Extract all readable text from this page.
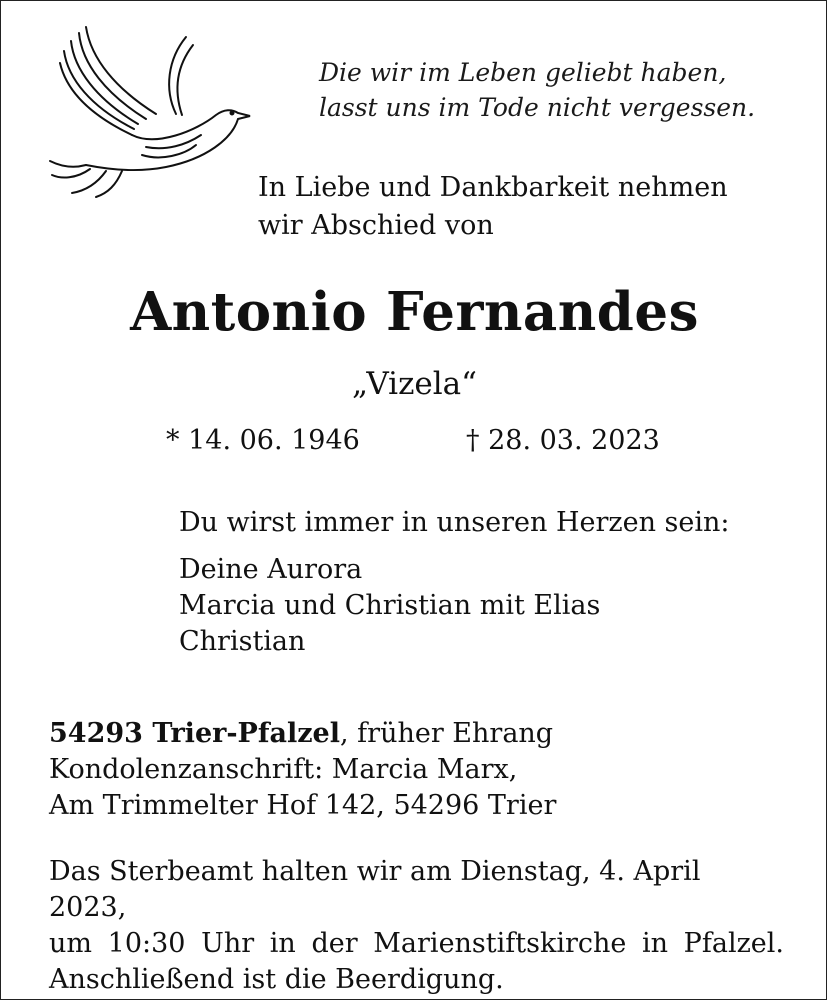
Die wir im Leben geliebt haben,
lasst uns im Tode nicht vergessen.
In Liebe und Dankbarkeit nehmen
wir Abschied von
Antonio Fernandes
„Vizela“
* 14. 06. 1946	† 28. 03. 2023
Du wirst immer in unseren Herzen sein:
Deine Aurora
Marcia und Christian mit Elias
Christian
54293 Trier-Pfalzel, früher Ehrang
Kondolenzanschrift: Marcia Marx,
Am Trimmelter Hof 142, 54296 Trier
Das Sterbeamt halten wir am Dienstag, 4. April 2023,
um 10:30 Uhr in der Marienstiftskirche in Pfalzel.
Anschließend ist die Beerdigung.
